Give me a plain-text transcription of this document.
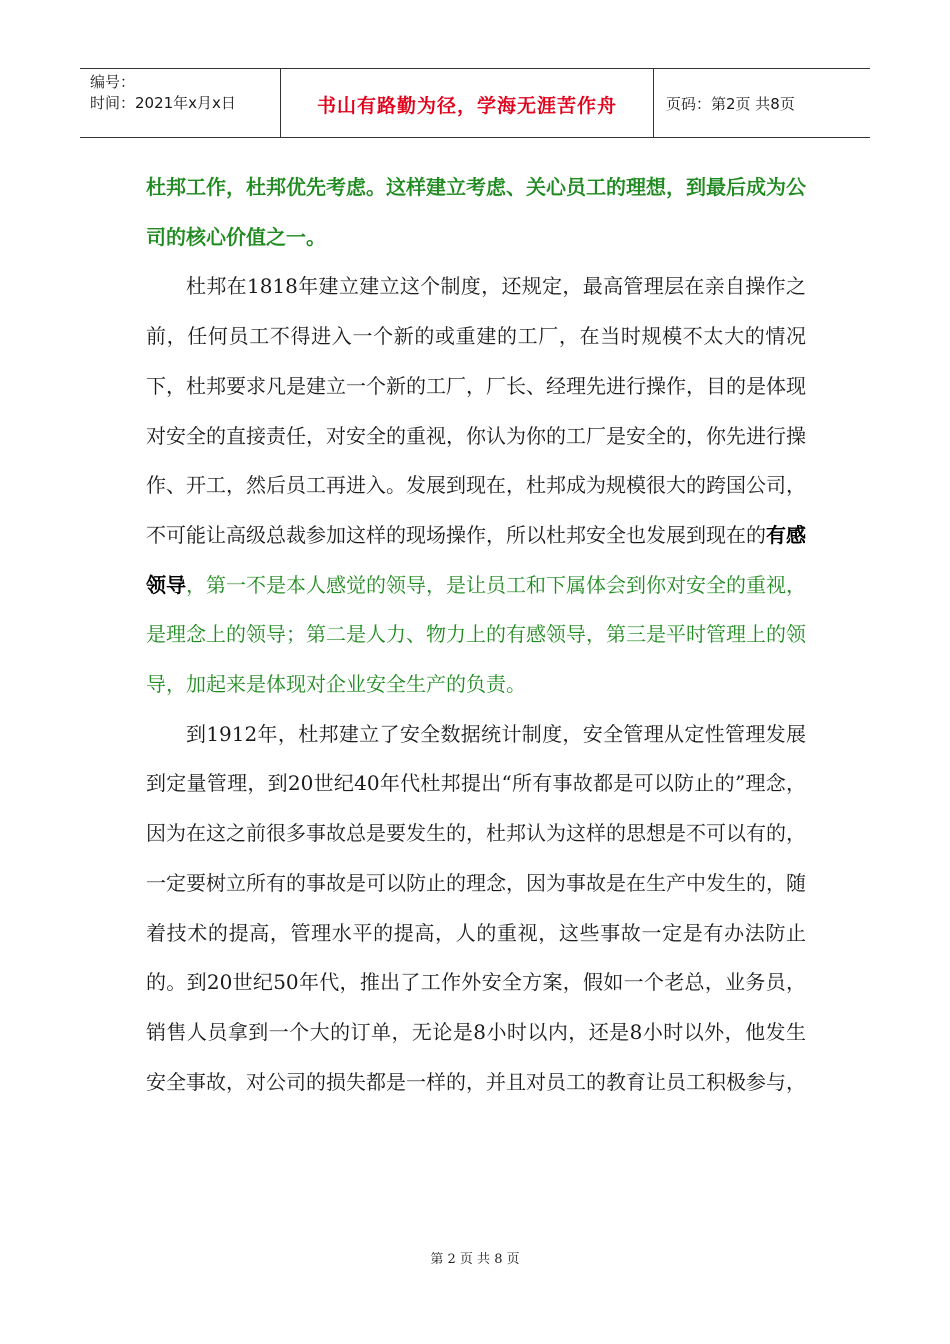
编号：
时间：2021年x月x日	书山有路勤为径，学海无涯苦作舟	页码：第2页 共8页

杜邦工作，杜邦优先考虑。这样建立考虑、关心员工的理想，到最后成为公司的核心价值之一。

杜邦在1818年建立建立这个制度，还规定，最高管理层在亲自操作之前，任何员工不得进入一个新的或重建的工厂，在当时规模不太大的情况下，杜邦要求凡是建立一个新的工厂，厂长、经理先进行操作，目的是体现对安全的直接责任，对安全的重视，你认为你的工厂是安全的，你先进行操作、开工，然后员工再进入。发展到现在，杜邦成为规模很大的跨国公司，不可能让高级总裁参加这样的现场操作，所以杜邦安全也发展到现在的有感领导，第一不是本人感觉的领导，是让员工和下属体会到你对安全的重视，是理念上的领导；第二是人力、物力上的有感领导，第三是平时管理上的领导，加起来是体现对企业安全生产的负责。

到1912年，杜邦建立了安全数据统计制度，安全管理从定性管理发展到定量管理，到20世纪40年代杜邦提出“所有事故都是可以防止的”理念，因为在这之前很多事故总是要发生的，杜邦认为这样的思想是不可以有的，一定要树立所有的事故是可以防止的理念，因为事故是在生产中发生的，随着技术的提高，管理水平的提高，人的重视，这些事故一定是有办法防止的。到20世纪50年代，推出了工作外安全方案，假如一个老总，业务员，销售人员拿到一个大的订单，无论是8小时以内，还是8小时以外，他发生安全事故，对公司的损失都是一样的，并且对员工的教育让员工积极参与，

第 2 页 共 8 页
